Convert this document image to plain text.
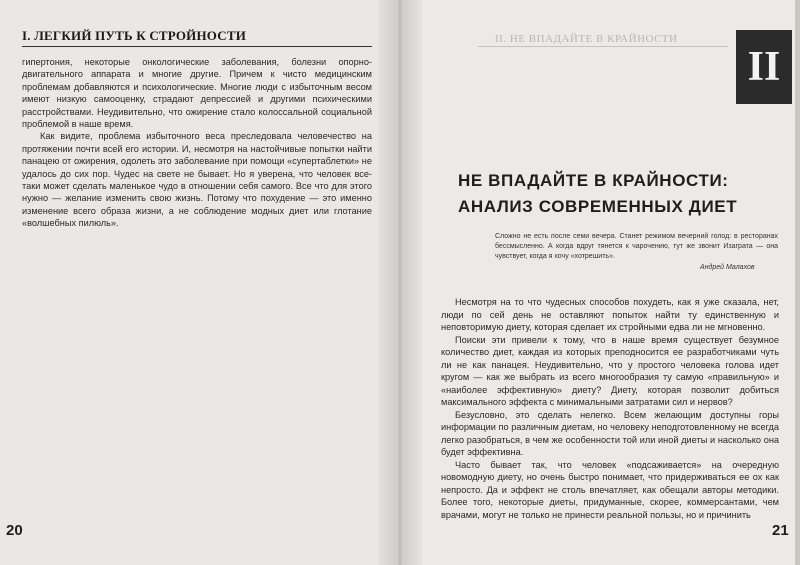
I. ЛЕГКИЙ ПУТЬ К СТРОЙНОСТИ

гипертония, некоторые онкологические заболевания, болезни опорно-двигательного аппарата и многие другие. Причем к чисто медицинским проблемам добавляются и психологические. Многие люди с избыточным весом имеют низкую самооценку, страдают депрессией и другими психическими расстройствами. Неудивительно, что ожирение стало колоссальной социальной проблемой в наше время.

Как видите, проблема избыточного веса преследовала человечество на протяжении почти всей его истории. И, несмотря на настойчивые попытки найти панацею от ожирения, одолеть это заболевание при помощи «супертаблетки» не удалось до сих пор. Чудес на свете не бывает. Но я уверена, что человек все-таки может сделать маленькое чудо в отношении себя самого. Все что для этого нужно — желание изменить свою жизнь. Потому что похудение — это именно изменение всего образа жизни, а не соблюдение модных диет или глотание «волшебных пилюль».

20
II. НЕ ВПАДАЙТЕ В КРАЙНОСТИ
II
НЕ ВПАДАЙТЕ В КРАЙНОСТИ:
АНАЛИЗ СОВРЕМЕННЫХ ДИЕТ
Сложно не есть после семи вечера. Станет режимом вечерний голод: в ресторанах бессмысленно. А когда вдруг тянется к чарочению, тут же звонит Изаграта — она чувствует, когда я хочу «хотрешить».
Андрей Малахов

Несмотря на то что чудесных способов похудеть, как я уже сказала, нет, люди по сей день не оставляют попыток найти ту единственную и неповторимую диету, которая сделает их стройными едва ли не мгновенно.

Поиски эти привели к тому, что в наше время существует безумное количество диет, каждая из которых преподносится ее разработчиками чуть ли не как панацея. Неудивительно, что у простого человека голова идет кругом — как же выбрать из всего многообразия ту самую «правильную» и «наиболее эффективную» диету? Диету, которая позволит добиться максимального эффекта с минимальными затратами сил и нервов?

Безусловно, это сделать нелегко. Всем желающим доступны горы информации по различным диетам, но человеку неподготовленному не всегда легко разобраться, в чем же особенности той или иной диеты и насколько она будет эффективна.

Часто бывает так, что человек «подсаживается» на очередную новомодную диету, но очень быстро понимает, что придерживаться ее ох как непросто. Да и эффект не столь впечатляет, как обещали авторы методики. Более того, некоторые диеты, придуманные, скорее, коммерсантами, чем врачами, могут не только не принести реальной пользы, но и причинить

21
